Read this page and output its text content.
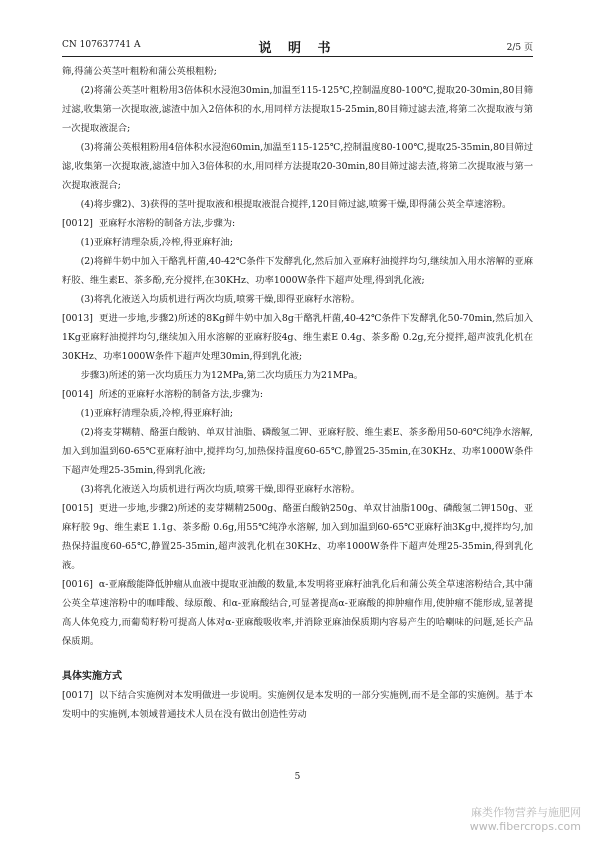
CN 107637741 A	说 明 书	2/5 页

筛,得蒲公英茎叶粗粉和蒲公英根粗粉;

(2)将蒲公英茎叶粗粉用3倍体积水浸泡30min,加温至115-125℃,控制温度80-100℃,提取20-30min,80目筛过滤,收集第一次提取液,滤渣中加入2倍体积的水,用同样方法提取15-25min,80目筛过滤去渣,将第二次提取液与第一次提取液混合;

(3)将蒲公英根粗粉用4倍体积水浸泡60min,加温至115-125℃,控制温度80-100℃,提取25-35min,80目筛过滤,收集第一次提取液,滤渣中加入3倍体积的水,用同样方法提取20-30min,80目筛过滤去渣,将第二次提取液与第一次提取液混合;

(4)将步骤2)、3)获得的茎叶提取液和根提取液混合搅拌,120目筛过滤,喷雾干燥,即得蒲公英全草速溶粉。

[0012] 亚麻籽水溶粉的制备方法,步骤为:

(1)亚麻籽清理杂质,冷榨,得亚麻籽油;

(2)将鲜牛奶中加入干酪乳杆菌,40-42℃条件下发酵乳化,然后加入亚麻籽油搅拌均匀,继续加入用水溶解的亚麻籽胶、维生素E、茶多酚,充分搅拌,在30KHz、功率1000W条件下超声处理,得到乳化液;

(3)将乳化液送入均质机进行两次均质,喷雾干燥,即得亚麻籽水溶粉。

[0013] 更进一步地,步骤2)所述的8Kg鲜牛奶中加入8g干酪乳杆菌,40-42℃条件下发酵乳化50-70min,然后加入1Kg亚麻籽油搅拌均匀,继续加入用水溶解的亚麻籽胶4g、维生素E 0.4g、茶多酚 0.2g,充分搅拌,超声波乳化机在30KHz、功率1000W条件下超声处理30min,得到乳化液;

步骤3)所述的第一次均质压力为12MPa,第二次均质压力为21MPa。

[0014] 所述的亚麻籽水溶粉的制备方法,步骤为:

(1)亚麻籽清理杂质,冷榨,得亚麻籽油;

(2)将麦芽糊精、酪蛋白酸钠、单双甘油脂、磷酸氢二钾、亚麻籽胶、维生素E、茶多酚用50-60℃纯净水溶解,加入到加温到60-65℃亚麻籽油中,搅拌均匀,加热保持温度60-65℃,静置25-35min,在30KHz、功率1000W条件下超声处理25-35min,得到乳化液;

(3)将乳化液送入均质机进行两次均质,喷雾干燥,即得亚麻籽水溶粉。

[0015] 更进一步地,步骤2)所述的麦芽糊精2500g、酪蛋白酸钠250g、单双甘油脂100g、磷酸氢二钾150g、亚麻籽胶 9g、维生素E 1.1g、茶多酚 0.6g,用55℃纯净水溶解, 加入到加温到60-65℃亚麻籽油3Kg中,搅拌均匀,加热保持温度60-65℃,静置25-35min,超声波乳化机在30KHz、功率1000W条件下超声处理25-35min,得到乳化液。

[0016] α-亚麻酸能降低肿瘤从血液中提取亚油酸的数量,本发明将亚麻籽油乳化后和蒲公英全草速溶粉结合,其中蒲公英全草速溶粉中的咖啡酸、绿原酸、和α-亚麻酸结合,可显著提高α-亚麻酸的抑肿瘤作用,使肿瘤不能形成,显著提高人体免疫力,而葡萄籽粉可提高人体对α-亚麻酸吸收率,并消除亚麻油保质期内容易产生的哈喇味的问题,延长产品保质期。

具体实施方式

[0017] 以下结合实施例对本发明做进一步说明。实施例仅是本发明的一部分实施例,而不是全部的实施例。基于本发明中的实施例,本领域普通技术人员在没有做出创造性劳动

5
麻类作物营养与施肥网
www.fibercrops.com
